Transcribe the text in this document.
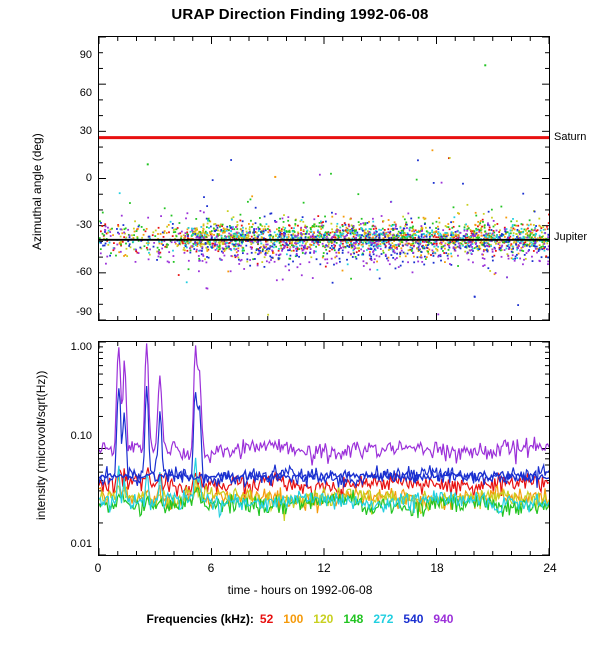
URAP Direction Finding 1992-06-08
90
60
30
0
-30
-60
-90
Azimuthal angle (deg)	Saturn
Jupiter
1.00
0.10
0.01
intensity (microvolt/sqrt(Hz))
0	6	12	18	24
time - hours on 1992-06-08
Frequencies (kHz): 52 100 120 148 272 540 940
